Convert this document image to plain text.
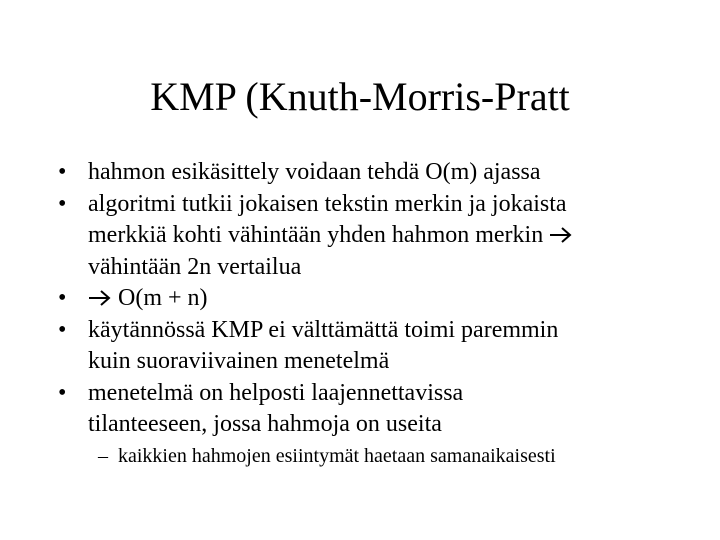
KMP (Knuth-Morris-Pratt
• hahmon esikäsittely voidaan tehdä O(m) ajassa
• algoritmi tutkii jokaisen tekstin merkin ja jokaista
merkkiä kohti vähintään yhden hahmon merkin
vähintään 2n vertailua
•	O(m + n)
• käytännössä KMP ei välttämättä toimi paremmin
kuin suoraviivainen menetelmä
• menetelmä on helposti laajennettavissa
tilanteeseen, jossa hahmoja on useita
– kaikkien hahmojen esiintymät haetaan samanaikaisesti
